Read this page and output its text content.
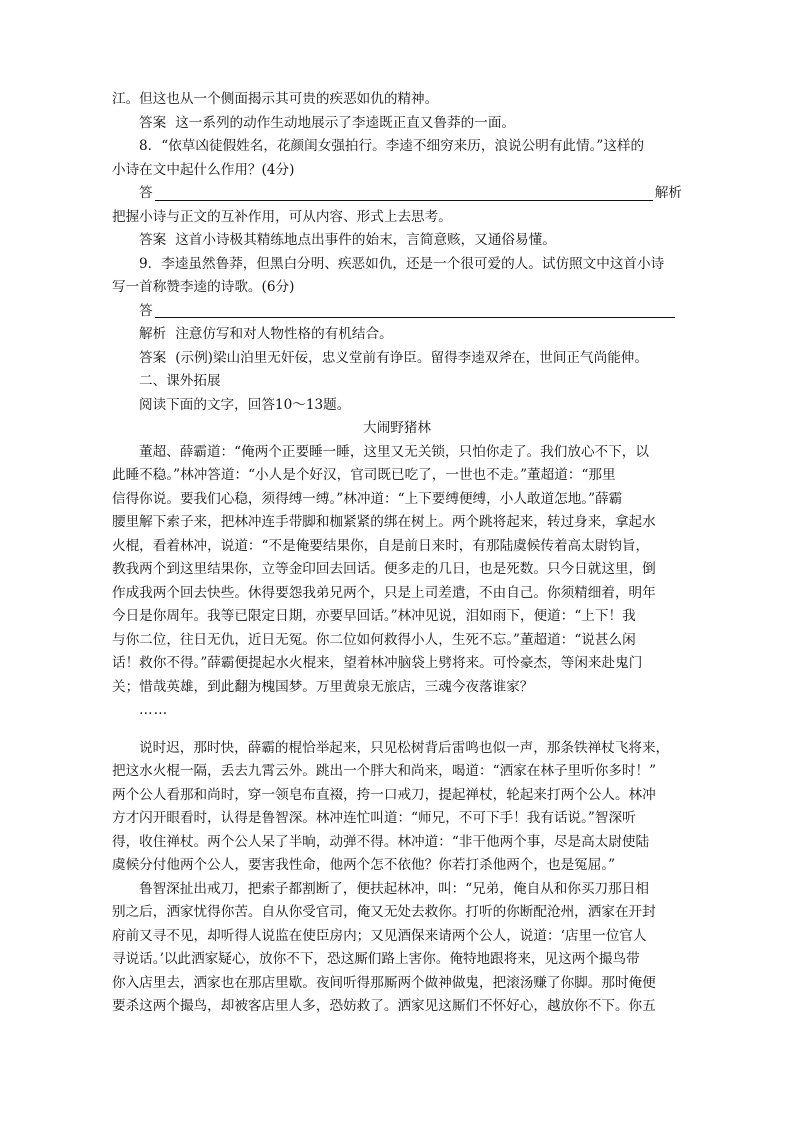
江。但这也从一个侧面揭示其可贵的疾恶如仇的精神。
答案 这一系列的动作生动地展示了李逵既正直又鲁莽的一面。
8．“依草凶徒假姓名，花颜闺女强拍行。李逵不细穷来历，浪说公明有此情。”这样的
小诗在文中起什么作用？(4分)
答	解析
把握小诗与正文的互补作用，可从内容、形式上去思考。
答案 这首小诗极其精练地点出事件的始末，言简意赅，又通俗易懂。
9．李逵虽然鲁莽，但黑白分明、疾恶如仇，还是一个很可爱的人。试仿照文中这首小诗
写一首称赞李逵的诗歌。(6分)
答
解析 注意仿写和对人物性格的有机结合。
答案 (示例)梁山泊里无奸佞，忠义堂前有诤臣。留得李逵双斧在，世间正气尚能伸。
二、课外拓展
阅读下面的文字，回答10～13题。
大闹野猪林
董超、薛霸道：“俺两个正要睡一睡，这里又无关锁，只怕你走了。我们放心不下，以
此睡不稳。”林冲答道：“小人是个好汉，官司既已吃了，一世也不走。”董超道：“那里
信得你说。要我们心稳，须得缚一缚。”林冲道：“上下要缚便缚，小人敢道怎地。”薛霸
腰里解下索子来，把林冲连手带脚和枷紧紧的绑在树上。两个跳将起来，转过身来，拿起水
火棍，看着林冲，说道：“不是俺要结果你，自是前日来时，有那陆虞候传着高太尉钧旨，
教我两个到这里结果你，立等金印回去回话。便多走的几日，也是死数。只今日就这里，倒
作成我两个回去快些。休得要怨我弟兄两个，只是上司差遣，不由自己。你须精细着，明年
今日是你周年。我等已限定日期，亦要早回话。”林冲见说，泪如雨下，便道：“上下！我
与你二位，往日无仇，近日无冤。你二位如何救得小人，生死不忘。”董超道：“说甚么闲
话！救你不得。”薛霸便提起水火棍来，望着林冲脑袋上劈将来。可怜豪杰，等闲来赴鬼门
关；惜哉英雄，到此翻为槐国梦。万里黄泉无旅店，三魂今夜落谁家？
……
说时迟，那时快，薛霸的棍恰举起来，只见松树背后雷鸣也似一声，那条铁禅杖飞将来，
把这水火棍一隔，丢去九霄云外。跳出一个胖大和尚来，喝道：“洒家在林子里听你多时！”
两个公人看那和尚时，穿一领皂布直裰，挎一口戒刀，提起禅杖，轮起来打两个公人。林冲
方才闪开眼看时，认得是鲁智深。林冲连忙叫道：“师兄，不可下手！我有话说。”智深听
得，收住禅杖。两个公人呆了半晌，动弹不得。林冲道：“非干他两个事，尽是高太尉使陆
虞候分付他两个公人，要害我性命，他两个怎不依他？你若打杀他两个，也是冤屈。”
鲁智深扯出戒刀，把索子都割断了，便扶起林冲，叫：“兄弟，俺自从和你买刀那日相
别之后，洒家忧得你苦。自从你受官司，俺又无处去救你。打听的你断配沧州，洒家在开封
府前又寻不见，却听得人说监在使臣房内；又见酒保来请两个公人，说道：‘店里一位官人
寻说话。’以此洒家疑心，放你不下，恐这厮们路上害你。俺特地跟将来，见这两个撮鸟带
你入店里去，洒家也在那店里歇。夜间听得那厮两个做神做鬼，把滚汤赚了你脚。那时俺便
要杀这两个撮鸟，却被客店里人多，恐妨救了。洒家见这厮们不怀好心，越放你不下。你五
